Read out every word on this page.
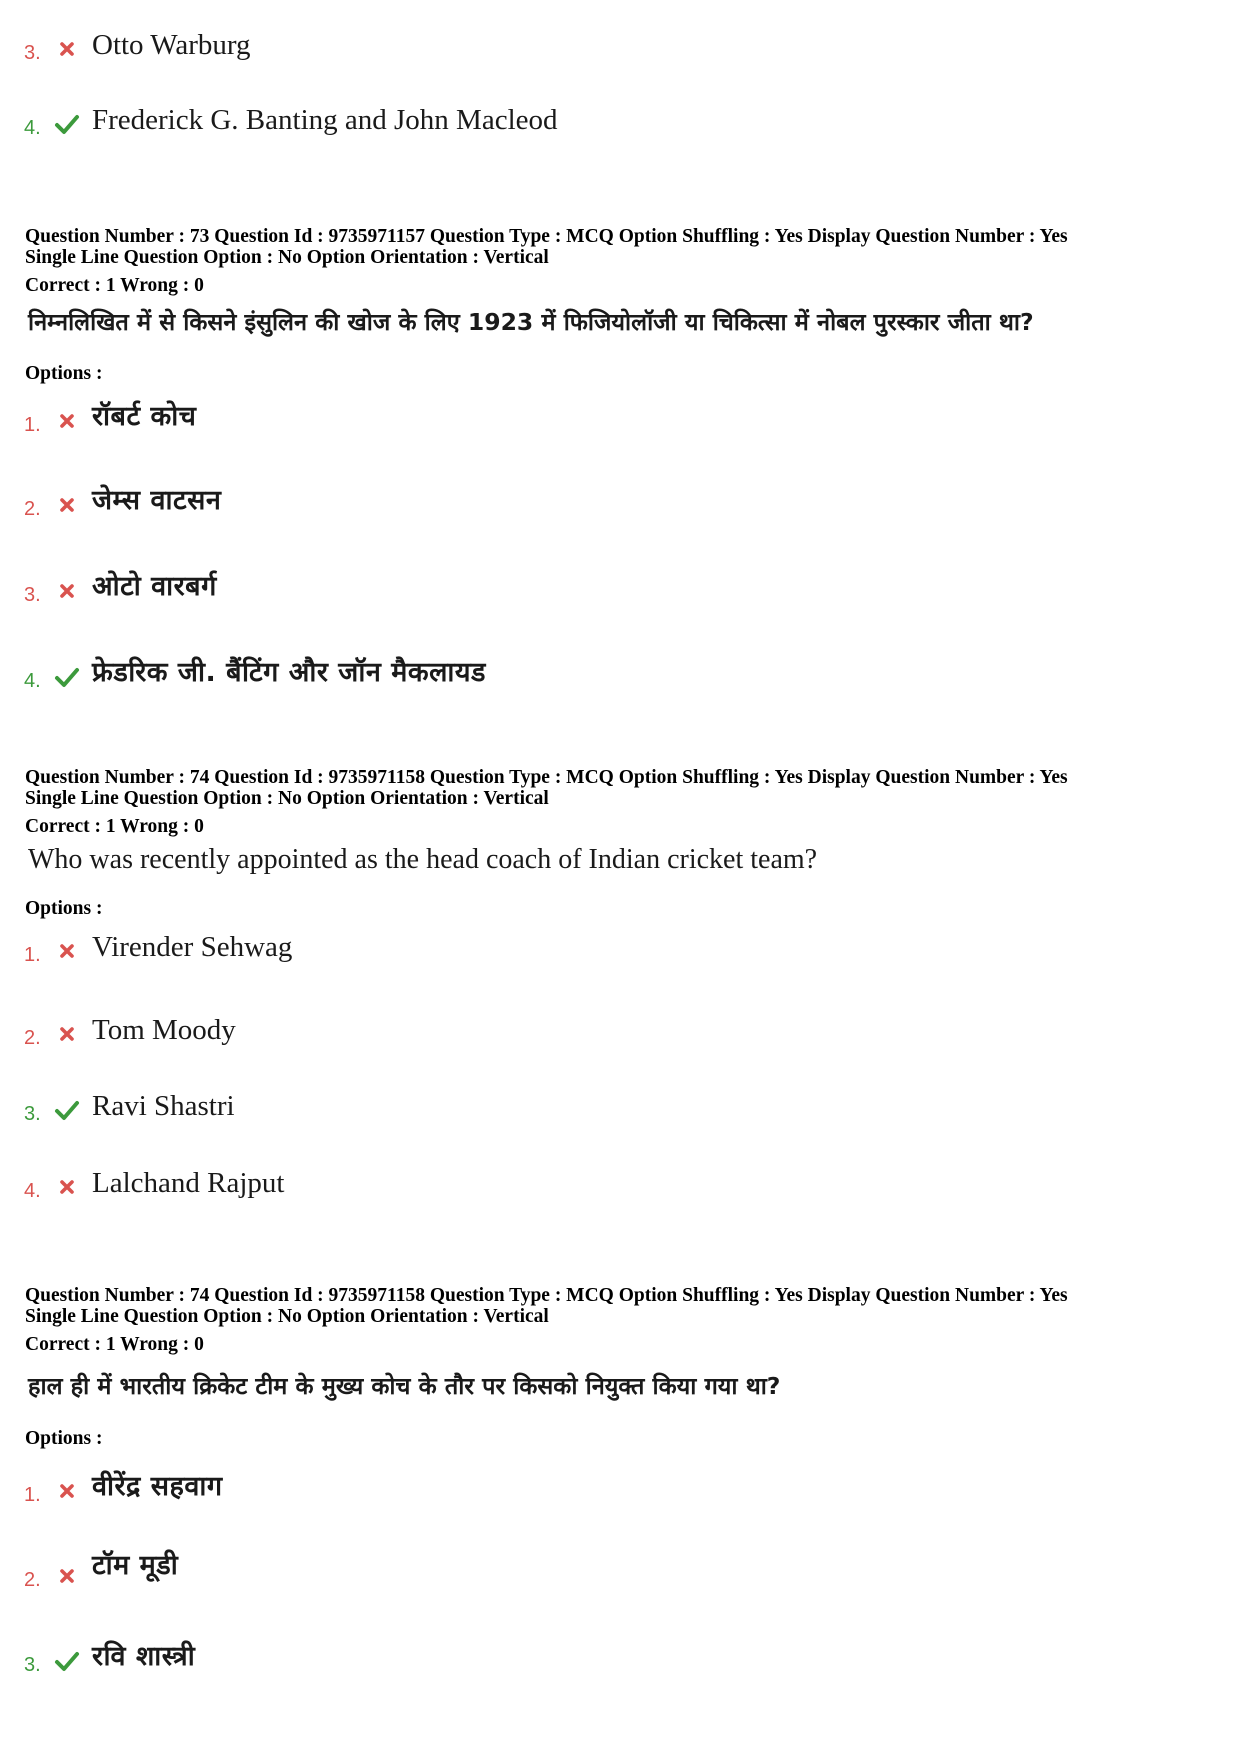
3. Otto Warburg
4. Frederick G. Banting and John Macleod
Question Number : 73 Question Id : 9735971157 Question Type : MCQ Option Shuffling : Yes Display Question Number : Yes
Single Line Question Option : No Option Orientation : Vertical
Correct : 1 Wrong : 0
निम्नलिखित में से किसने इंसुलिन की खोज के लिए 1923 में फिजियोलॉजी या चिकित्सा में नोबल पुरस्कार जीता था?
Options :
1. रॉबर्ट कोच
2. जेम्स वाटसन
3. ओटो वारबर्ग
4. फ्रेडरिक जी. बैंटिंग और जॉन मैकलायड
Question Number : 74 Question Id : 9735971158 Question Type : MCQ Option Shuffling : Yes Display Question Number : Yes
Single Line Question Option : No Option Orientation : Vertical
Correct : 1 Wrong : 0
Who was recently appointed as the head coach of Indian cricket team?
Options :
1. Virender Sehwag
2. Tom Moody
3. Ravi Shastri
4. Lalchand Rajput
Question Number : 74 Question Id : 9735971158 Question Type : MCQ Option Shuffling : Yes Display Question Number : Yes
Single Line Question Option : No Option Orientation : Vertical
Correct : 1 Wrong : 0
हाल ही में भारतीय क्रिकेट टीम के मुख्य कोच के तौर पर किसको नियुक्त किया गया था?
Options :
1. वीरेंद्र सहवाग
2. टॉम मूडी
3. रवि शास्त्री
